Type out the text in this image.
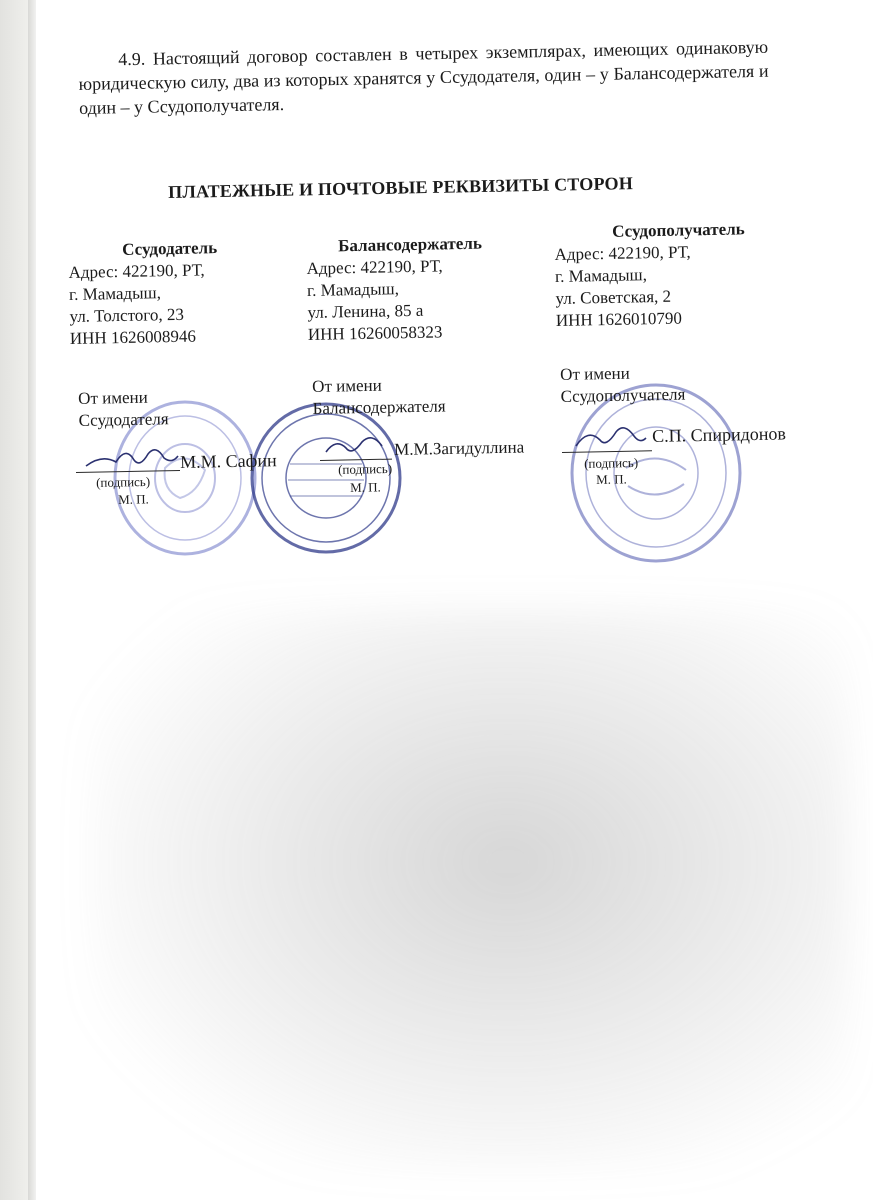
4.9. Настоящий договор составлен в четырех экземплярах, имеющих одинаковую юридическую силу, два из которых хранятся у Ссудодателя, один – у Балансодержателя и один – у Ссудополучателя.
ПЛАТЕЖНЫЕ И ПОЧТОВЫЕ РЕКВИЗИТЫ СТОРОН
Ссудодатель
Адрес: 422190, РТ,
г. Мамадыш,
ул. Толстого, 23
ИНН 1626008946
Балансодержатель
Адрес: 422190, РТ,
г. Мамадыш,
ул. Ленина, 85 а
ИНН 16260058323
Ссудополучатель
Адрес: 422190, РТ,
г. Мамадыш,
ул. Советская, 2
ИНН 1626010790
От имени
Ссудодателя
От имени
Балансодержателя
От имени
Ссудополучателя
М.М. Сафин
М.М.Загидуллина
С.П. Спиридонов
(подпись)
М. П.
(подпись)
М. П.
(подпись)
М. П.
